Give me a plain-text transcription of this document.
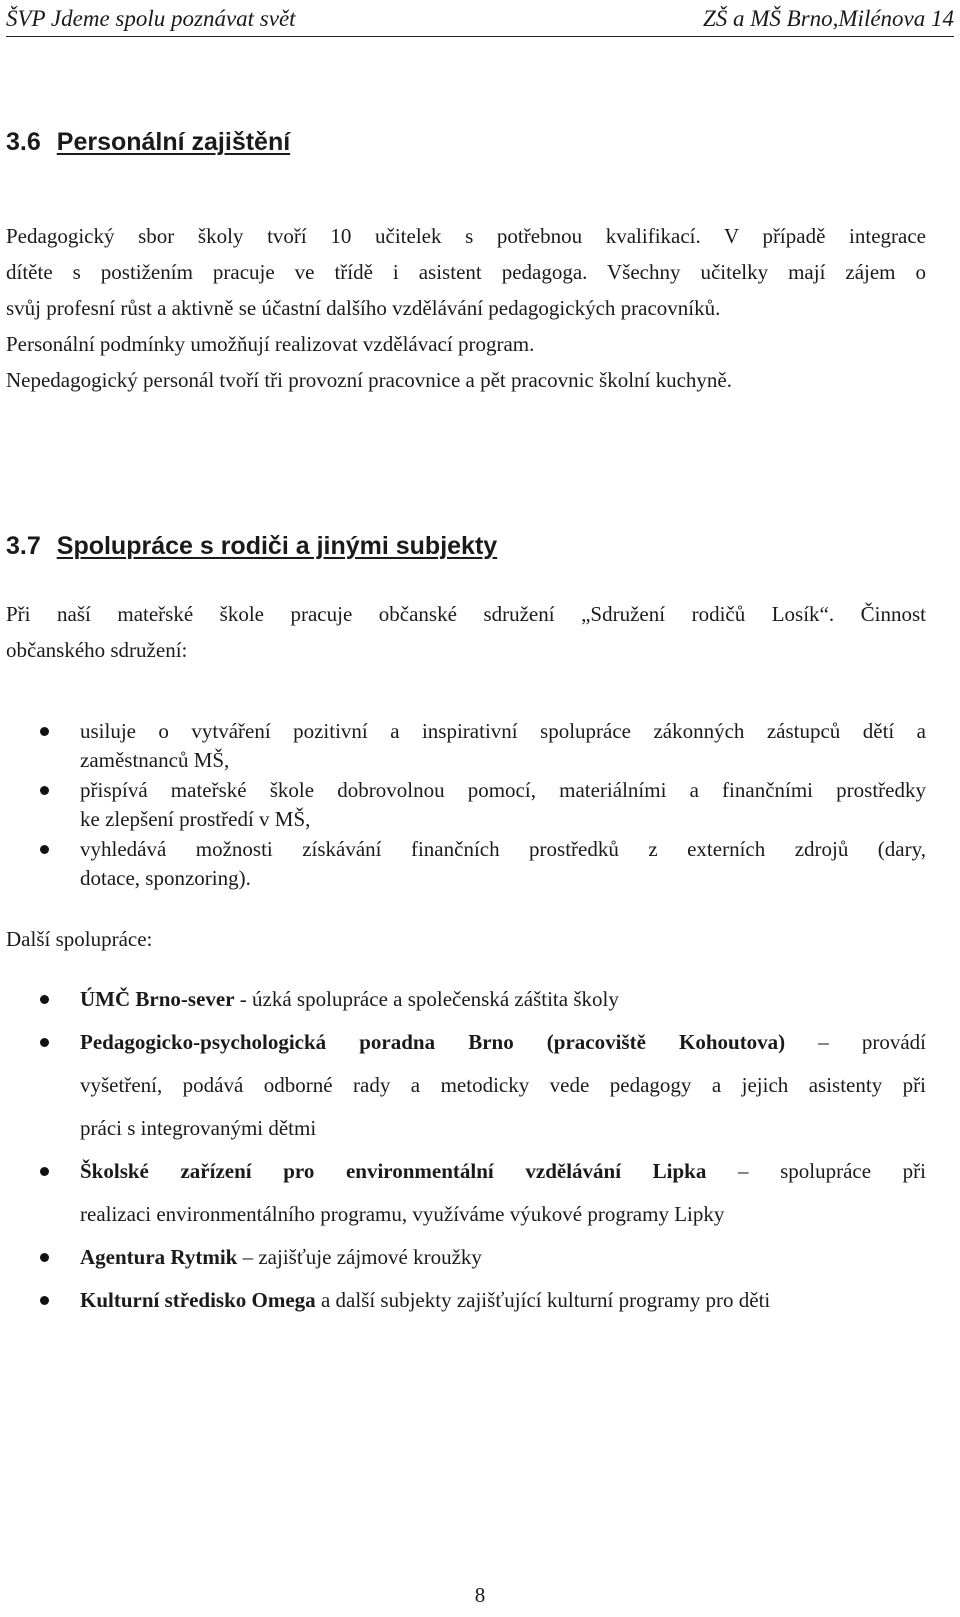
ŠVP Jdeme spolu poznávat svět	ZŠ a MŠ Brno,Milénova 14
3.6 Personální zajištění
Pedagogický sbor školy tvoří 10 učitelek s potřebnou kvalifikací. V případě integrace
dítěte s postižením pracuje ve třídě i asistent pedagoga. Všechny učitelky mají zájem o
svůj profesní růst a aktivně se účastní dalšího vzdělávání pedagogických pracovníků.
Personální podmínky umožňují realizovat vzdělávací program.
Nepedagogický personál tvoří tři provozní pracovnice a pět pracovnic školní kuchyně.
3.7 Spolupráce s rodiči a jinými subjekty
Při naší mateřské škole pracuje občanské sdružení „Sdružení rodičů Losík“. Činnost
občanského sdružení:
usiluje o vytváření pozitivní a inspirativní spolupráce zákonných zástupců dětí a
zaměstnanců MŠ,
přispívá mateřské škole dobrovolnou pomocí, materiálními a finančními prostředky
ke zlepšení prostředí v MŠ,
vyhledává možnosti získávání finančních prostředků z externích zdrojů (dary,
dotace, sponzoring).

Další spolupráce:

ÚMČ Brno-sever - úzká spolupráce a společenská záštita školy
Pedagogicko-psychologická poradna Brno (pracoviště Kohoutova) – provádí
vyšetření, podává odborné rady a metodicky vede pedagogy a jejich asistenty při
práci s integrovanými dětmi
Školské zařízení pro environmentální vzdělávání Lipka – spolupráce při
realizaci environmentálního programu, využíváme výukové programy Lipky
Agentura Rytmik – zajišťuje zájmové kroužky
Kulturní středisko Omega a další subjekty zajišťující kulturní programy pro děti
8
